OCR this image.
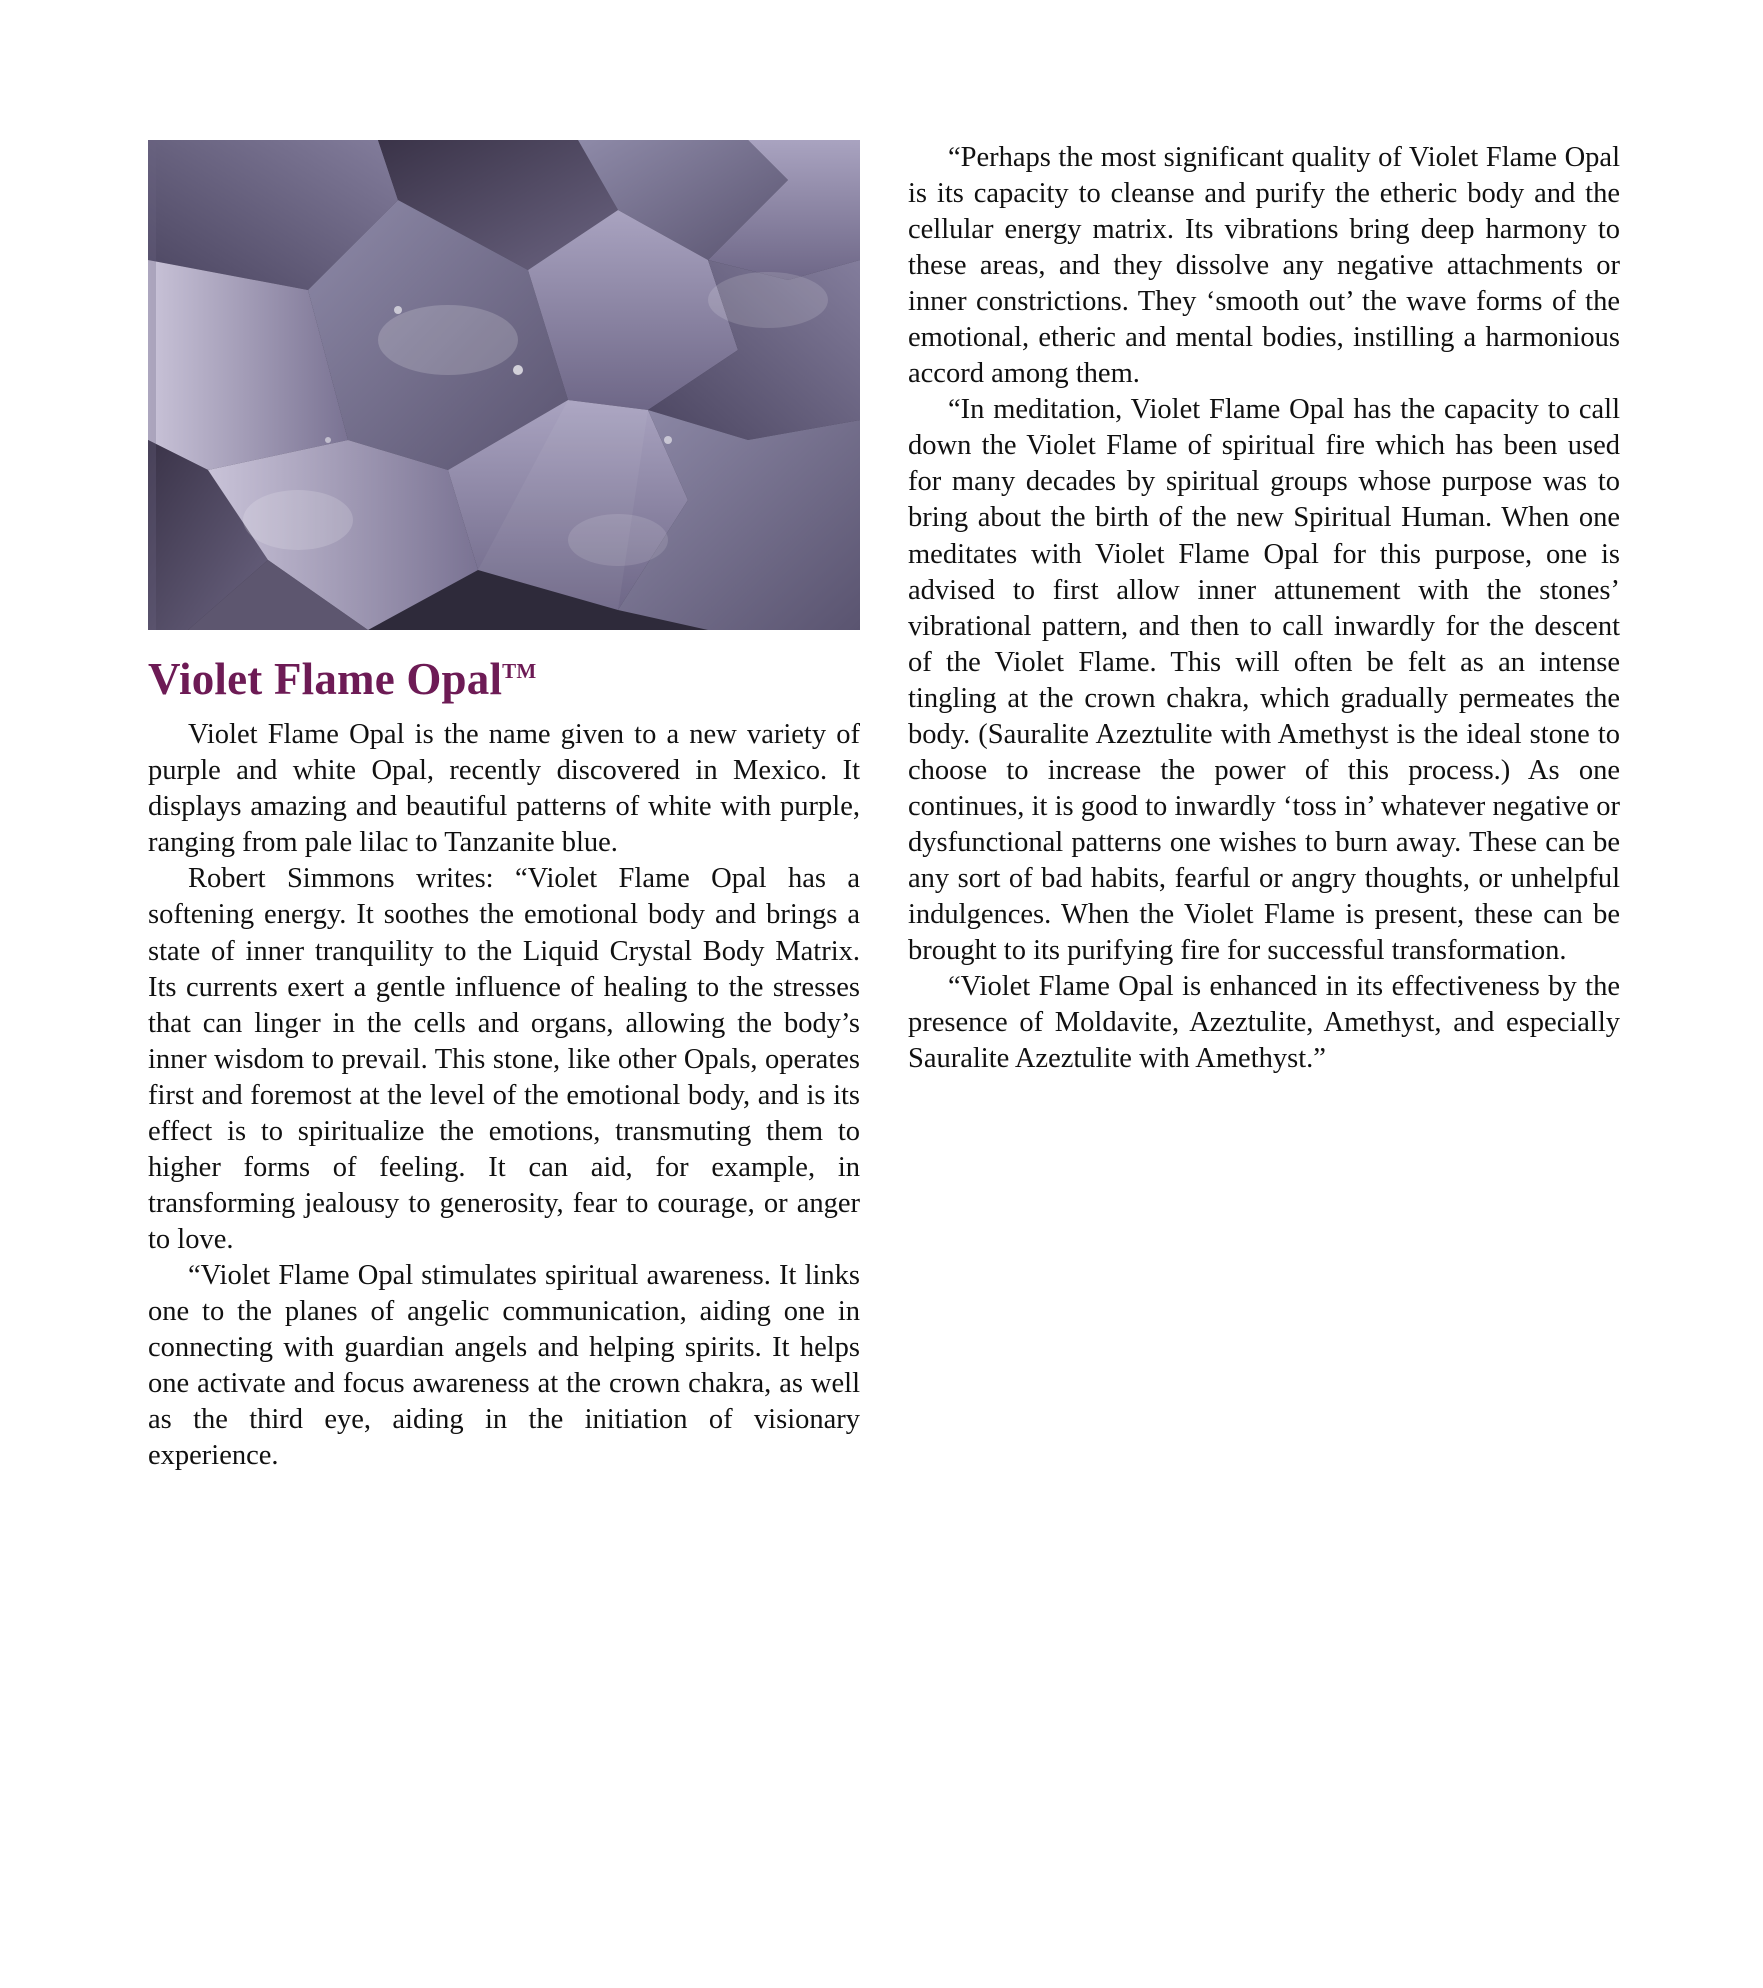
Violet Flame Opal™

Violet Flame Opal is the name given to a new variety of purple and white Opal, recently discovered in Mexico. It displays amazing and beautiful patterns of white with purple, ranging from pale lilac to Tanzanite blue.

Robert Simmons writes: “Violet Flame Opal has a softening energy. It soothes the emotional body and brings a state of inner tranquility to the Liquid Crystal Body Matrix. Its currents exert a gentle influence of healing to the stresses that can linger in the cells and organs, allowing the body’s inner wisdom to prevail. This stone, like other Opals, operates first and foremost at the level of the emotional body, and is its effect is to spiritualize the emotions, transmuting them to higher forms of feeling. It can aid, for example, in transforming jealousy to generosity, fear to courage, or anger to love.

“Violet Flame Opal stimulates spiritual awareness. It links one to the planes of angelic communication, aiding one in connecting with guardian angels and helping spirits. It helps one activate and focus awareness at the crown chakra, as well as the third eye, aiding in the initiation of visionary experience.

“Perhaps the most significant quality of Violet Flame Opal is its capacity to cleanse and purify the etheric body and the cellular energy matrix. Its vibrations bring deep harmony to these areas, and they dissolve any negative attachments or inner constrictions. They ‘smooth out’ the wave forms of the emotional, etheric and mental bodies, instilling a harmonious accord among them.

“In meditation, Violet Flame Opal has the capacity to call down the Violet Flame of spiritual fire which has been used for many decades by spiritual groups whose purpose was to bring about the birth of the new Spiritual Human. When one meditates with Violet Flame Opal for this purpose, one is advised to first allow inner attunement with the stones’ vibrational pattern, and then to call inwardly for the descent of the Violet Flame. This will often be felt as an intense tingling at the crown chakra, which gradually permeates the body. (Sauralite Azeztulite with Amethyst is the ideal stone to choose to increase the power of this process.) As one continues, it is good to inwardly ‘toss in’ whatever negative or dysfunctional patterns one wishes to burn away. These can be any sort of bad habits, fearful or angry thoughts, or unhelpful indulgences. When the Violet Flame is present, these can be brought to its purifying fire for successful transformation.

“Violet Flame Opal is enhanced in its effectiveness by the presence of Moldavite, Azeztulite, Amethyst, and especially Sauralite Azeztulite with Amethyst.”
